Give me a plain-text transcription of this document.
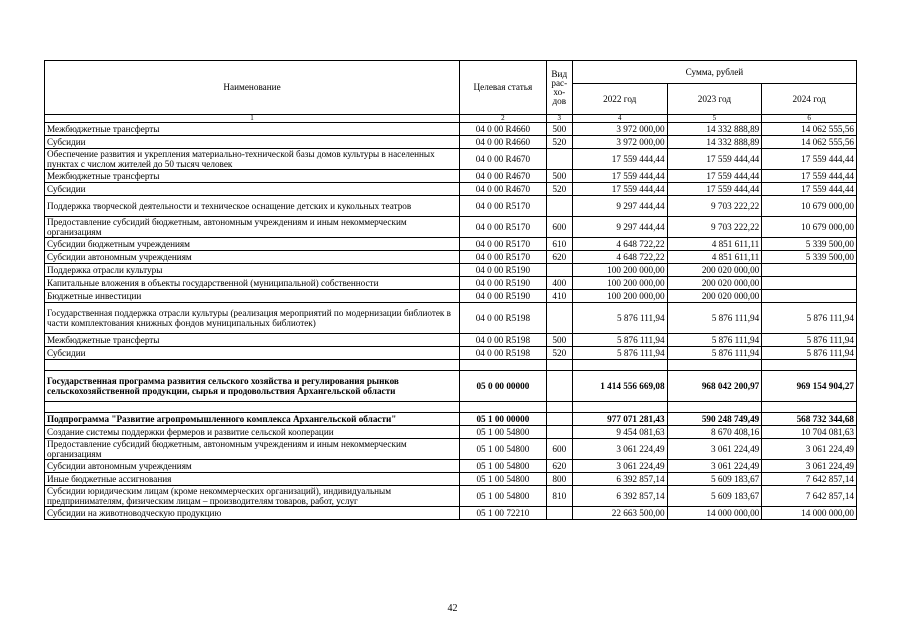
Наименование	Целевая статья	Вид рас-хо-дов	Сумма, рублей		
			2022 год	2023 год	2024 год
1	2	3	4	5	6
Межбюджетные трансферты	04 0 00 R4660	500	3 972 000,00	14 332 888,89	14 062 555,56
Субсидии	04 0 00 R4660	520	3 972 000,00	14 332 888,89	14 062 555,56
Обеспечение развития и укрепления материально-технической базы домов культуры в населенных пунктах с числом жителей до 50 тысяч человек	04 0 00 R4670		17 559 444,44	17 559 444,44	17 559 444,44
Межбюджетные трансферты	04 0 00 R4670	500	17 559 444,44	17 559 444,44	17 559 444,44
Субсидии	04 0 00 R4670	520	17 559 444,44	17 559 444,44	17 559 444,44
Поддержка творческой деятельности и техническое оснащение детских и кукольных театров	04 0 00 R5170		9 297 444,44	9 703 222,22	10 679 000,00
Предоставление субсидий бюджетным, автономным учреждениям и иным некоммерческим организациям	04 0 00 R5170	600	9 297 444,44	9 703 222,22	10 679 000,00
Субсидии бюджетным учреждениям	04 0 00 R5170	610	4 648 722,22	4 851 611,11	5 339 500,00
Субсидии автономным учреждениям	04 0 00 R5170	620	4 648 722,22	4 851 611,11	5 339 500,00
Поддержка отрасли культуры	04 0 00 R5190		100 200 000,00	200 020 000,00	
Капитальные вложения в объекты государственной (муниципальной) собственности	04 0 00 R5190	400	100 200 000,00	200 020 000,00	
Бюджетные инвестиции	04 0 00 R5190	410	100 200 000,00	200 020 000,00	
Государственная поддержка отрасли культуры (реализация мероприятий по модернизации библиотек в части комплектования книжных фондов муниципальных библиотек)	04 0 00 R5198		5 876 111,94	5 876 111,94	5 876 111,94
Межбюджетные трансферты	04 0 00 R5198	500	5 876 111,94	5 876 111,94	5 876 111,94
Субсидии	04 0 00 R5198	520	5 876 111,94	5 876 111,94	5 876 111,94

Государственная программа развития сельского хозяйства и регулирования рынков сельскохозяйственной продукции, сырья и продовольствия Архангельской области	05 0 00 00000		1 414 556 669,08	968 042 200,97	969 154 904,27

Подпрограмма "Развитие агропромышленного комплекса Архангельской области"	05 1 00 00000		977 071 281,43	590 248 749,49	568 732 344,68
Создание системы поддержки фермеров и развитие сельской кооперации	05 1 00 54800		9 454 081,63	8 670 408,16	10 704 081,63
Предоставление субсидий бюджетным, автономным учреждениям и иным некоммерческим организациям	05 1 00 54800	600	3 061 224,49	3 061 224,49	3 061 224,49
Субсидии автономным учреждениям	05 1 00 54800	620	3 061 224,49	3 061 224,49	3 061 224,49
Иные бюджетные ассигнования	05 1 00 54800	800	6 392 857,14	5 609 183,67	7 642 857,14
Субсидии юридическим лицам (кроме некоммерческих организаций), индивидуальным предпринимателям, физическим лицам – производителям товаров, работ, услуг	05 1 00 54800	810	6 392 857,14	5 609 183,67	7 642 857,14
Субсидии на животноводческую продукцию	05 1 00 72210		22 663 500,00	14 000 000,00	14 000 000,00
42
